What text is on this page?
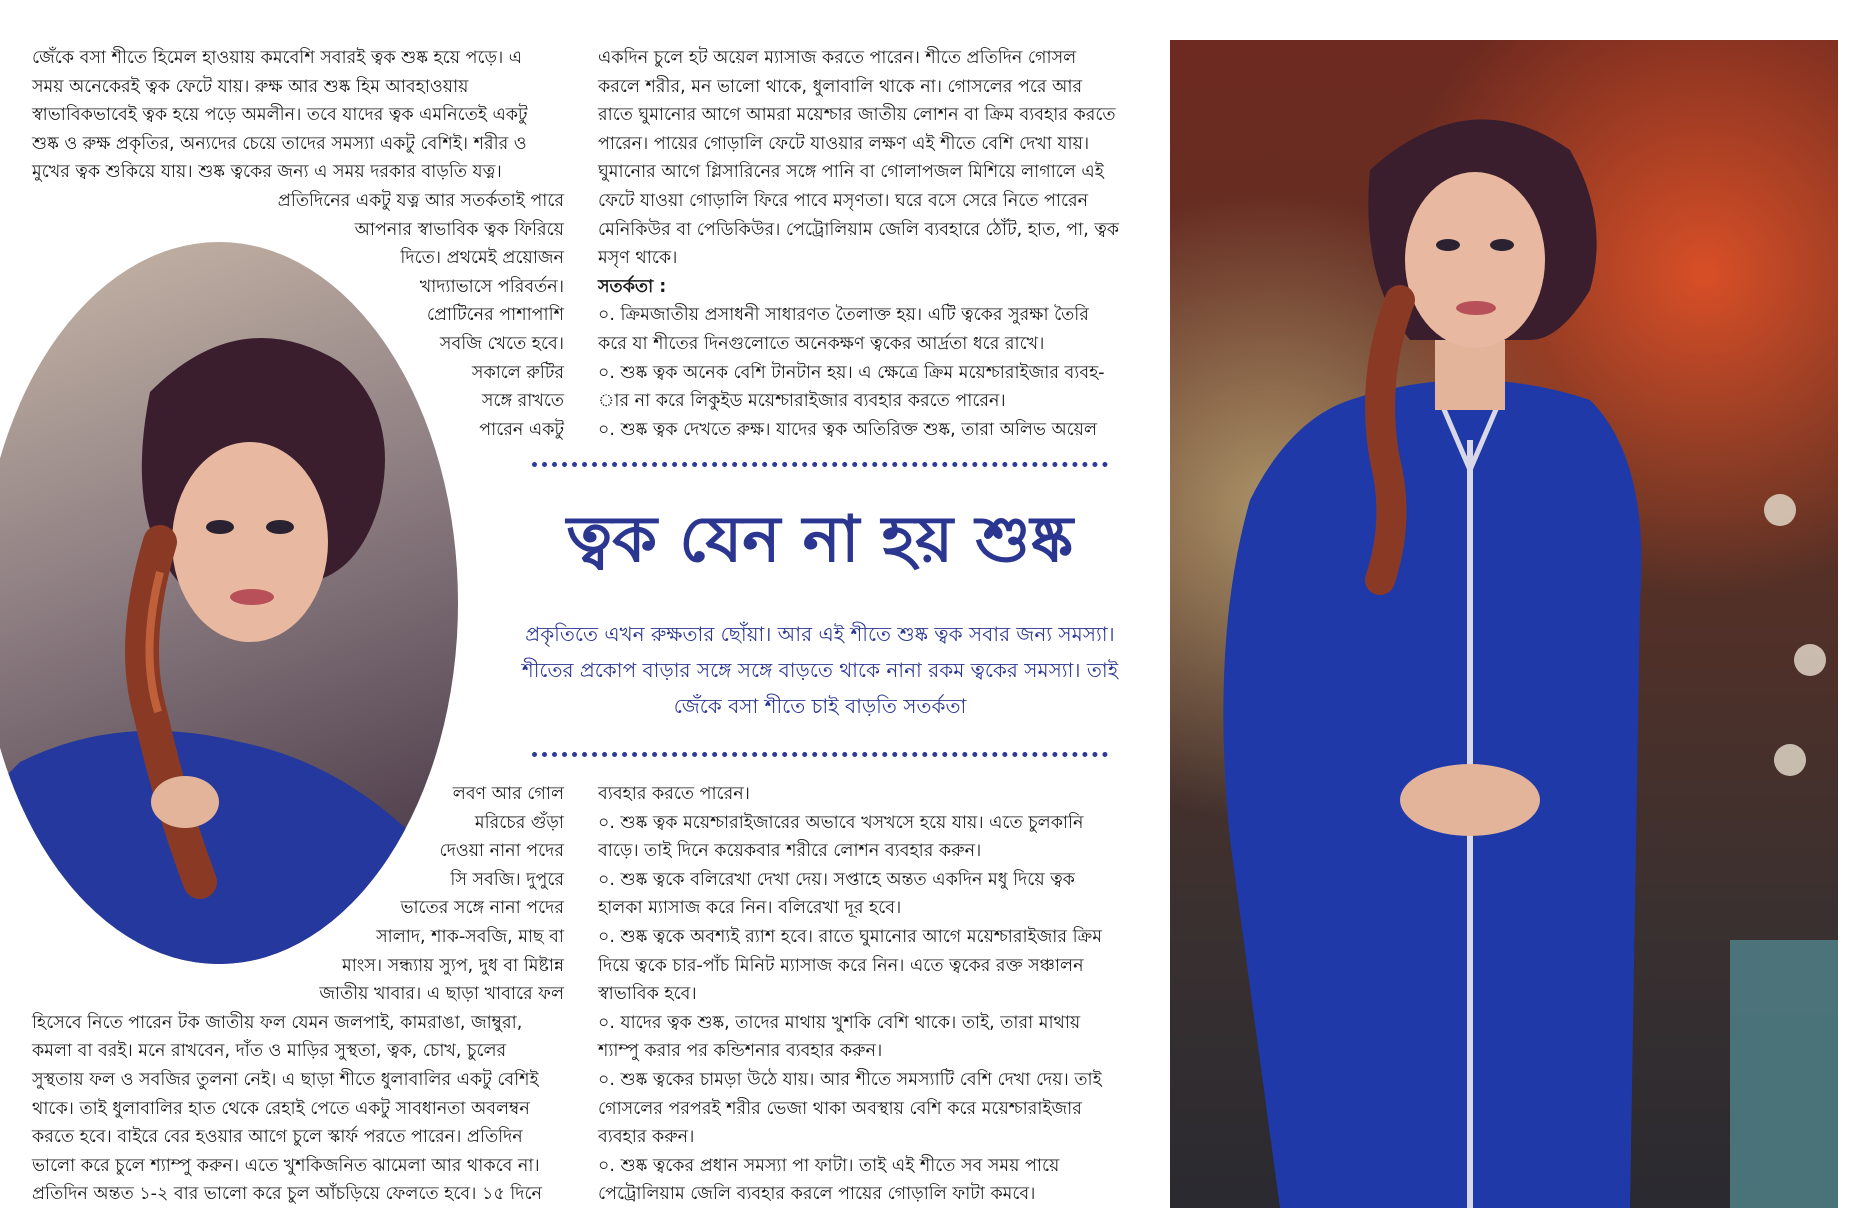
জেঁকে বসা শীতে হিমেল হাওয়ায় কমবেশি সবারই ত্বক শুষ্ক হয়ে পড়ে। এ

সময় অনেকেরই ত্বক ফেটে যায়। রুক্ষ আর শুষ্ক হিম আবহাওয়ায়

স্বাভাবিকভাবেই ত্বক হয়ে পড়ে অমলীন। তবে যাদের ত্বক এমনিতেই একটু

শুষ্ক ও রুক্ষ প্রকৃতির, অন্যদের চেয়ে তাদের সমস্যা একটু বেশিই। শরীর ও

মুখের ত্বক শুকিয়ে যায়। শুষ্ক ত্বকের জন্য এ সময় দরকার বাড়তি যত্ন।

প্রতিদিনের একটু যত্ন আর সতর্কতাই পারে

আপনার স্বাভাবিক ত্বক ফিরিয়ে

দিতে। প্রথমেই প্রয়োজন

খাদ্যাভাসে পরিবর্তন।

প্রোটিনের পাশাপাশি

সবজি খেতে হবে।

সকালে রুটির

সঙ্গে রাখতে

পারেন একটু

লবণ আর গোল

মরিচের গুঁড়া

দেওয়া নানা পদের

সি সবজি। দুপুরে

ভাতের সঙ্গে নানা পদের

সালাদ, শাক-সবজি, মাছ বা

মাংস। সন্ধ্যায় স্যুপ, দুধ বা মিষ্টান্ন

জাতীয় খাবার। এ ছাড়া খাবারে ফল

হিসেবে নিতে পারেন টক জাতীয় ফল যেমন জলপাই, কামরাঙা, জাম্বুরা,

কমলা বা বরই। মনে রাখবেন, দাঁত ও মাড়ির সুস্থতা, ত্বক, চোখ, চুলের

সুস্থতায় ফল ও সবজির তুলনা নেই। এ ছাড়া শীতে ধুলাবালির একটু বেশিই

থাকে। তাই ধুলাবালির হাত থেকে রেহাই পেতে একটু সাবধানতা অবলম্বন

করতে হবে। বাইরে বের হওয়ার আগে চুলে স্কার্ফ পরতে পারেন। প্রতিদিন

ভালো করে চুলে শ্যাম্পু করুন। এতে খুশকিজনিত ঝামেলা আর থাকবে না।

প্রতিদিন অন্তত ১-২ বার ভালো করে চুল আঁচড়িয়ে ফেলতে হবে। ১৫ দিনে

একদিন চুলে হট অয়েল ম্যাসাজ করতে পারেন। শীতে প্রতিদিন গোসল

করলে শরীর, মন ভালো থাকে, ধুলাবালি থাকে না। গোসলের পরে আর

রাতে ঘুমানোর আগে আমরা ময়েশ্চার জাতীয় লোশন বা ক্রিম ব্যবহার করতে

পারেন। পায়ের গোড়ালি ফেটে যাওয়ার লক্ষণ এই শীতে বেশি দেখা যায়।

ঘুমানোর আগে গ্লিসারিনের সঙ্গে পানি বা গোলাপজল মিশিয়ে লাগালে এই

ফেটে যাওয়া গোড়ালি ফিরে পাবে মসৃণতা। ঘরে বসে সেরে নিতে পারেন

মেনিকিউর বা পেডিকিউর। পেট্রোলিয়াম জেলি ব্যবহারে ঠোঁট, হাত, পা, ত্বক

মসৃণ থাকে।

সতর্কতা :

০. ক্রিমজাতীয় প্রসাধনী সাধারণত তৈলাক্ত হয়। এটি ত্বকের সুরক্ষা তৈরি

করে যা শীতের দিনগুলোতে অনেকক্ষণ ত্বকের আর্দ্রতা ধরে রাখে।

০. শুষ্ক ত্বক অনেক বেশি টানটান হয়। এ ক্ষেত্রে ক্রিম ময়েশ্চারাইজার ব্যবহ-

ার না করে লিকুইড ময়েশ্চারাইজার ব্যবহার করতে পারেন।

০. শুষ্ক ত্বক দেখতে রুক্ষ। যাদের ত্বক অতিরিক্ত শুষ্ক, তারা অলিভ অয়েল

ত্বক যেন না হয় শুষ্ক

প্রকৃতিতে এখন রুক্ষতার ছোঁয়া। আর এই শীতে শুষ্ক ত্বক সবার জন্য সমস্যা। শীতের প্রকোপ বাড়ার সঙ্গে সঙ্গে বাড়তে থাকে নানা রকম ত্বকের সমস্যা। তাই জেঁকে বসা শীতে চাই বাড়তি সতর্কতা

ব্যবহার করতে পারেন।

০. শুষ্ক ত্বক ময়েশ্চারাইজারের অভাবে খসখসে হয়ে যায়। এতে চুলকানি

বাড়ে। তাই দিনে কয়েকবার শরীরে লোশন ব্যবহার করুন।

০. শুষ্ক ত্বকে বলিরেখা দেখা দেয়। সপ্তাহে অন্তত একদিন মধু দিয়ে ত্বক

হালকা ম্যাসাজ করে নিন। বলিরেখা দূর হবে।

০. শুষ্ক ত্বকে অবশ্যই র‌্যাশ হবে। রাতে ঘুমানোর আগে ময়েশ্চারাইজার ক্রিম

দিয়ে ত্বকে চার-পাঁচ মিনিট ম্যাসাজ করে নিন। এতে ত্বকের রক্ত সঞ্চালন

স্বাভাবিক হবে।

০. যাদের ত্বক শুষ্ক, তাদের মাথায় খুশকি বেশি থাকে। তাই, তারা মাথায়

শ্যাম্পু করার পর কন্ডিশনার ব্যবহার করুন।

০. শুষ্ক ত্বকের চামড়া উঠে যায়। আর শীতে সমস্যাটি বেশি দেখা দেয়। তাই

গোসলের পরপরই শরীর ভেজা থাকা অবস্থায় বেশি করে ময়েশ্চারাইজার

ব্যবহার করুন।

০. শুষ্ক ত্বকের প্রধান সমস্যা পা ফাটা। তাই এই শীতে সব সময় পায়ে

পেট্রোলিয়াম জেলি ব্যবহার করলে পায়ের গোড়ালি ফাটা কমবে।
